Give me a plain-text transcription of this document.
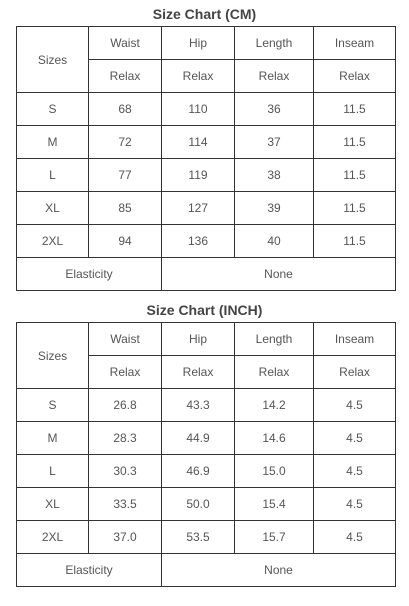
Size Chart (CM)
Sizes	Waist	Hip	Length	Inseam
	Relax	Relax	Relax	Relax
S	68	110	36	11.5
M	72	114	37	11.5
L	77	119	38	11.5
XL	85	127	39	11.5
2XL	94	136	40	11.5
Elasticity		None		
Size Chart (INCH)
Sizes	Waist	Hip	Length	Inseam
	Relax	Relax	Relax	Relax
S	26.8	43.3	14.2	4.5
M	28.3	44.9	14.6	4.5
L	30.3	46.9	15.0	4.5
XL	33.5	50.0	15.4	4.5
2XL	37.0	53.5	15.7	4.5
Elasticity		None		
